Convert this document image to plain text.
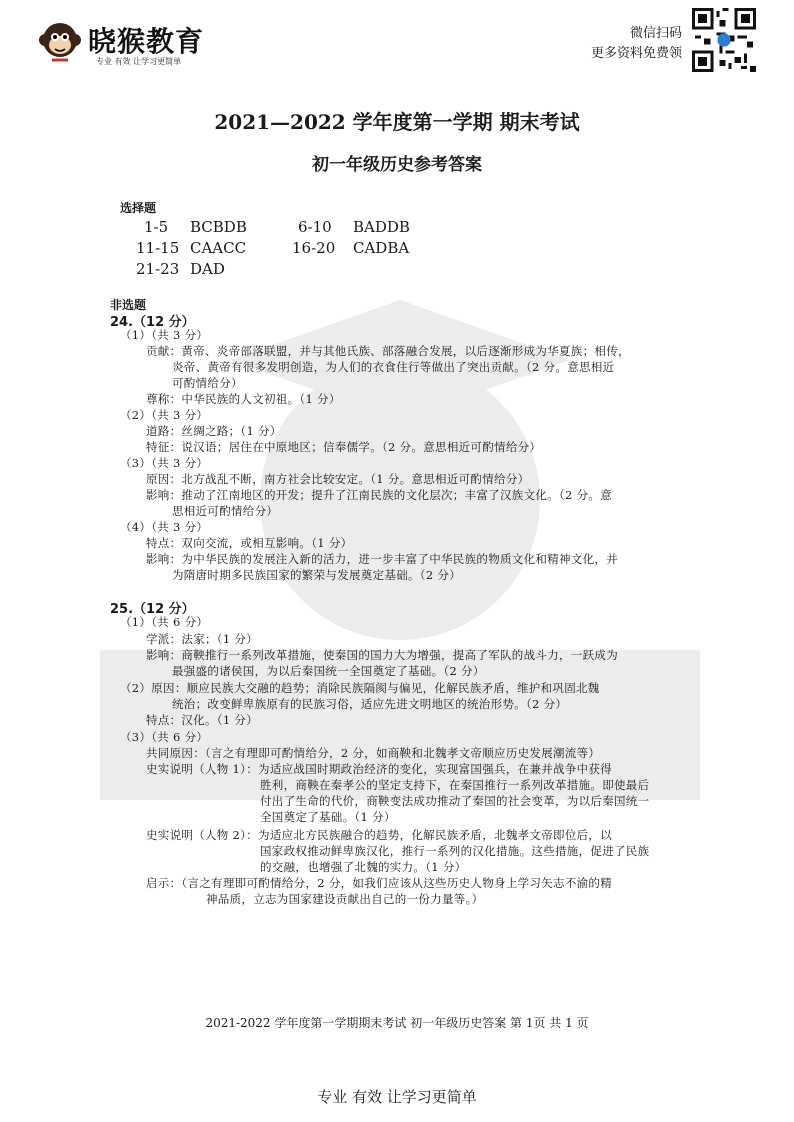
晓猴教育
专业 有效 让学习更简单
微信扫码
更多资料免费领
2021—2022 学年度第一学期 期末考试
初一年级历史参考答案
选择题
1-5 BCBDB	6-10 BADDB
11-15 CAACC	16-20 CADBA
21-23 DAD
非选题
24.（12 分）
（1）（共 3 分）
贡献：黄帝、炎帝部落联盟，并与其他氏族、部落融合发展，以后逐渐形成为华夏族；相传，
炎帝、黄帝有很多发明创造，为人们的衣食住行等做出了突出贡献。（2 分。意思相近
可酌情给分）
尊称：中华民族的人文初祖。（1 分）
（2）（共 3 分）
道路：丝绸之路；（1 分）
特征：说汉语；居住在中原地区；信奉儒学。（2 分。意思相近可酌情给分）
（3）（共 3 分）
原因：北方战乱不断，南方社会比较安定。（1 分。意思相近可酌情给分）
影响：推动了江南地区的开发；提升了江南民族的文化层次；丰富了汉族文化。（2 分。意
思相近可酌情给分）
（4）（共 3 分）
特点：双向交流，或相互影响。（1 分）
影响：为中华民族的发展注入新的活力，进一步丰富了中华民族的物质文化和精神文化，并
为隋唐时期多民族国家的繁荣与发展奠定基础。（2 分）
25.（12 分）
（1）（共 6 分）
学派：法家；（1 分）
影响：商鞅推行一系列改革措施，使秦国的国力大为增强，提高了军队的战斗力，一跃成为
最强盛的诸侯国，为以后秦国统一全国奠定了基础。（2 分）
（2）原因：顺应民族大交融的趋势；消除民族隔阂与偏见，化解民族矛盾，维护和巩固北魏
统治；改变鲜卑族原有的民族习俗，适应先进文明地区的统治形势。（2 分）
特点：汉化。（1 分）
（3）（共 6 分）
共同原因：（言之有理即可酌情给分，2 分，如商鞅和北魏孝文帝顺应历史发展潮流等）
史实说明（人物 1）：为适应战国时期政治经济的变化，实现富国强兵，在兼并战争中获得
胜利，商鞅在秦孝公的坚定支持下，在秦国推行一系列改革措施。即使最后
付出了生命的代价，商鞅变法成功推动了秦国的社会变革，为以后秦国统一
全国奠定了基础。（1 分）
史实说明（人物 2）：为适应北方民族融合的趋势，化解民族矛盾，北魏孝文帝即位后，以
国家政权推动鲜卑族汉化，推行一系列的汉化措施。这些措施，促进了民族
的交融，也增强了北魏的实力。（1 分）
启示：（言之有理即可酌情给分，2 分，如我们应该从这些历史人物身上学习矢志不渝的精
神品质，立志为国家建设贡献出自己的一份力量等。）
2021-2022 学年度第一学期期末考试 初一年级历史答案 第 1页 共 1 页
专业 有效 让学习更简单
